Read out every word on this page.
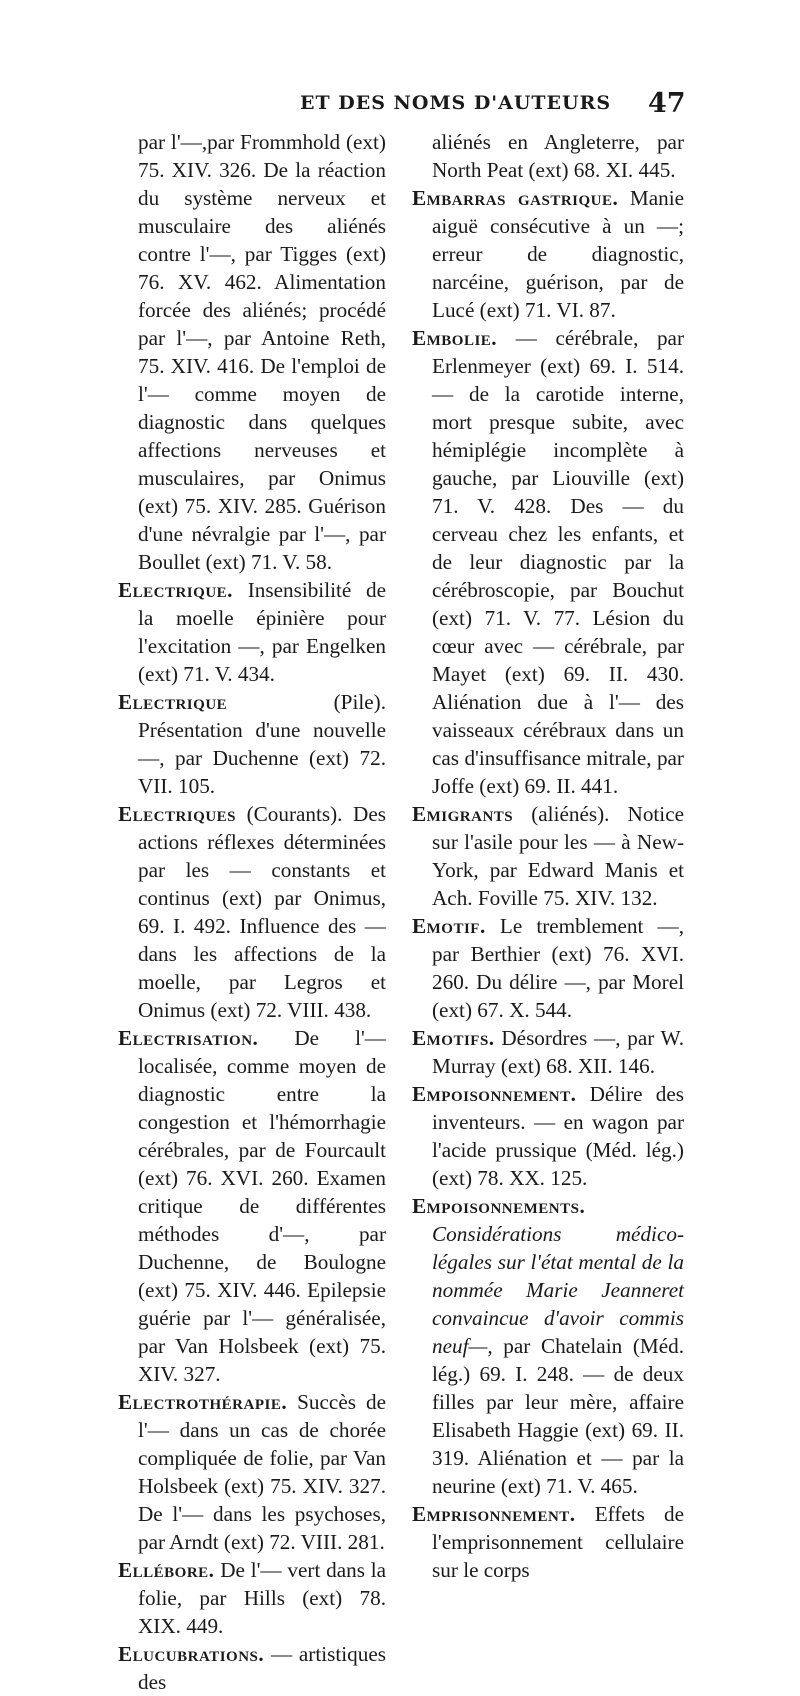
ET DES NOMS D'AUTEURS 47

par l'—,par Frommhold (ext) 75. XIV. 326. De la réaction du système nerveux et musculaire des aliénés contre l'—, par Tigges (ext) 76. XV. 462. Alimentation forcée des aliénés; procédé par l'—, par Antoine Reth, 75. XIV. 416. De l'emploi de l'— comme moyen de diagnostic dans quelques affections nerveuses et musculaires, par Onimus (ext) 75. XIV. 285. Guérison d'une névralgie par l'—, par Boullet (ext) 71. V. 58.

Electrique. Insensibilité de la moelle épinière pour l'excitation —, par Engelken (ext) 71. V. 434.

Electrique	(Pile). Présentation d'une nouvelle —, par Duchenne (ext) 72. VII. 105.

Electriques (Courants). Des actions réflexes déterminées par les — constants et continus (ext) par Onimus, 69. I. 492. Influence des — dans les affections de la moelle, par Legros et Onimus (ext) 72. VIII. 438.

Electrisation. De l'— localisée, comme moyen de diagnostic entre la congestion et l'hémorrhagie cérébrales, par de Fourcault (ext) 76. XVI. 260. Examen critique de différentes méthodes d'—, par Duchenne, de Boulogne (ext) 75. XIV. 446. Epilepsie guérie par l'— généralisée, par Van Holsbeek (ext) 75. XIV. 327.

Electrothérapie. Succès de l'— dans un cas de chorée compliquée de folie, par Van Holsbeek (ext) 75. XIV. 327. De l'— dans les psychoses, par Arndt (ext) 72. VIII. 281.

Ellébore. De l'— vert dans la folie, par Hills (ext) 78. XIX. 449.

Elucubrations. — artistiques des

aliénés en Angleterre, par North Peat (ext) 68. XI. 445.

Embarras gastrique. Manie aiguë consécutive à un —; erreur de diagnostic, narcéine, guérison, par de Lucé (ext) 71. VI. 87.

Embolie. — cérébrale, par Erlenmeyer (ext) 69. I. 514. — de la carotide interne, mort presque subite, avec hémiplégie incomplète à gauche, par Liouville (ext) 71. V. 428. Des — du cerveau chez les enfants, et de leur diagnostic par la cérébroscopie, par Bouchut (ext) 71. V. 77. Lésion du cœur avec — cérébrale, par Mayet (ext) 69. II. 430. Aliénation due à l'— des vaisseaux cérébraux dans un cas d'insuffisance mitrale, par Joffe (ext) 69. II. 441.

Emigrants (aliénés). Notice sur l'asile pour les — à New-York, par Edward Manis et Ach. Foville 75. XIV. 132.

Emotif. Le tremblement —, par Berthier (ext) 76. XVI. 260. Du délire —, par Morel (ext) 67. X. 544.

Emotifs. Désordres —, par W. Murray (ext) 68. XII. 146.

Empoisonnement. Délire des inventeurs. — en wagon par l'acide prussique (Méd. lég.) (ext) 78. XX. 125.

Empoisonnements. Considérations médico-légales sur l'état mental de la nommée Marie Jeanneret convaincue d'avoir commis neuf—, par Chatelain (Méd. lég.) 69. I. 248. — de deux filles par leur mère, affaire Elisabeth Haggie (ext) 69. II. 319. Aliénation et — par la neurine (ext) 71. V. 465.

Emprisonnement. Effets de l'emprisonnement cellulaire sur le corps
